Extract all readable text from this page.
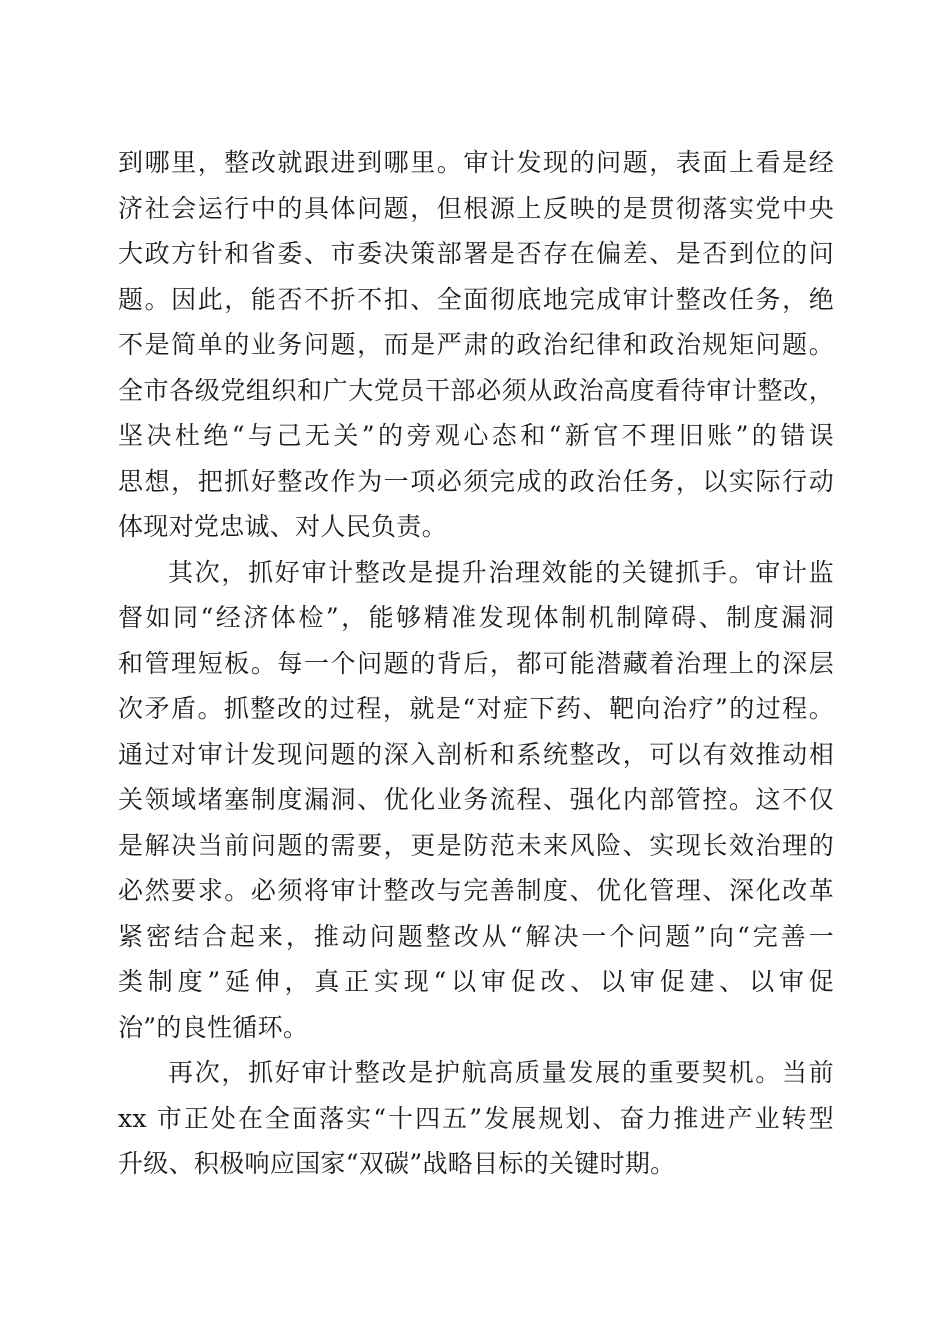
到哪里，整改就跟进到哪里。审计发现的问题，表面上看是经
济社会运行中的具体问题，但根源上反映的是贯彻落实党中央
大政方针和省委、市委决策部署是否存在偏差、是否到位的问
题。因此，能否不折不扣、全面彻底地完成审计整改任务，绝
不是简单的业务问题，而是严肃的政治纪律和政治规矩问题。
全市各级党组织和广大党员干部必须从政治高度看待审计整改，
坚决杜绝“与己无关”的旁观心态和“新官不理旧账”的错误
思想，把抓好整改作为一项必须完成的政治任务，以实际行动
体现对党忠诚、对人民负责。
其次，抓好审计整改是提升治理效能的关键抓手。审计监
督如同“经济体检”，能够精准发现体制机制障碍、制度漏洞
和管理短板。每一个问题的背后，都可能潜藏着治理上的深层
次矛盾。抓整改的过程，就是“对症下药、靶向治疗”的过程。
通过对审计发现问题的深入剖析和系统整改，可以有效推动相
关领域堵塞制度漏洞、优化业务流程、强化内部管控。这不仅
是解决当前问题的需要，更是防范未来风险、实现长效治理的
必然要求。必须将审计整改与完善制度、优化管理、深化改革
紧密结合起来，推动问题整改从“解决一个问题”向“完善一
类制度”延伸，真正实现“以审促改、以审促建、以审促
治”的良性循环。
再次，抓好审计整改是护航高质量发展的重要契机。当前
xx 市正处在全面落实“十四五”发展规划、奋力推进产业转型
升级、积极响应国家“双碳”战略目标的关键时期。
